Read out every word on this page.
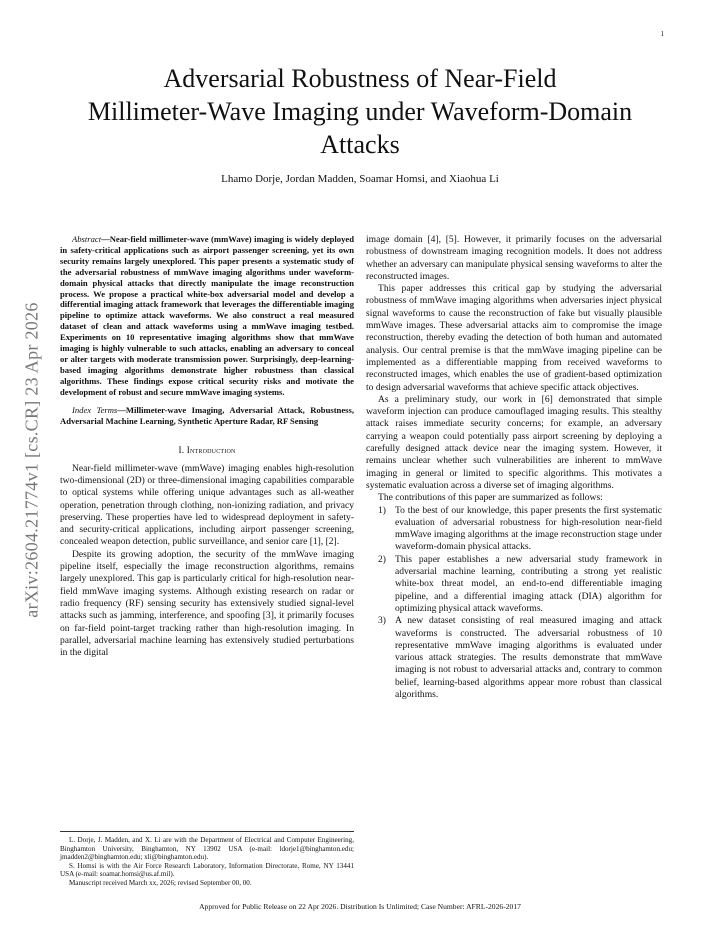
1
arXiv:2604.21774v1 [cs.CR] 23 Apr 2026
Adversarial Robustness of Near-Field
Millimeter-Wave Imaging under Waveform-Domain
Attacks
Lhamo Dorje, Jordan Madden, Soamar Homsi, and Xiaohua Li

Abstract—Near-field millimeter-wave (mmWave) imaging is widely deployed in safety-critical applications such as airport passenger screening, yet its own security remains largely unexplored. This paper presents a systematic study of the adversarial robustness of mmWave imaging algorithms under waveform-domain physical attacks that directly manipulate the image reconstruction process. We propose a practical white-box adversarial model and develop a differential imaging attack framework that leverages the differentiable imaging pipeline to optimize attack waveforms. We also construct a real measured dataset of clean and attack waveforms using a mmWave imaging testbed. Experiments on 10 representative imaging algorithms show that mmWave imaging is highly vulnerable to such attacks, enabling an adversary to conceal or alter targets with moderate transmission power. Surprisingly, deep-learning-based imaging algorithms demonstrate higher robustness than classical algorithms. These findings expose critical security risks and motivate the development of robust and secure mmWave imaging systems.

Index Terms—Millimeter-wave Imaging, Adversarial Attack, Robustness, Adversarial Machine Learning, Synthetic Aperture Radar, RF Sensing

I. Introduction

Near-field millimeter-wave (mmWave) imaging enables high-resolution two-dimensional (2D) or three-dimensional imaging capabilities comparable to optical systems while offering unique advantages such as all-weather operation, penetration through clothing, non-ionizing radiation, and privacy preserving. These properties have led to widespread deployment in safety- and security-critical applications, including airport passenger screening, concealed weapon detection, public surveillance, and senior care [1], [2].

Despite its growing adoption, the security of the mmWave imaging pipeline itself, especially the image reconstruction algorithms, remains largely unexplored. This gap is particularly critical for high-resolution near-field mmWave imaging systems. Although existing research on radar or radio frequency (RF) sensing security has extensively studied signal-level attacks such as jamming, interference, and spoofing [3], it primarily focuses on far-field point-target tracking rather than high-resolution imaging. In parallel, adversarial machine learning has extensively studied perturbations in the digital

image domain [4], [5]. However, it primarily focuses on the adversarial robustness of downstream imaging recognition models. It does not address whether an adversary can manipulate physical sensing waveforms to alter the reconstructed images.

This paper addresses this critical gap by studying the adversarial robustness of mmWave imaging algorithms when adversaries inject physical signal waveforms to cause the reconstruction of fake but visually plausible mmWave images. These adversarial attacks aim to compromise the image reconstruction, thereby evading the detection of both human and automated analysis. Our central premise is that the mmWave imaging pipeline can be implemented as a differentiable mapping from received waveforms to reconstructed images, which enables the use of gradient-based optimization to design adversarial waveforms that achieve specific attack objectives.

As a preliminary study, our work in [6] demonstrated that simple waveform injection can produce camouflaged imaging results. This stealthy attack raises immediate security concerns; for example, an adversary carrying a weapon could potentially pass airport screening by deploying a carefully designed attack device near the imaging system. However, it remains unclear whether such vulnerabilities are inherent to mmWave imaging in general or limited to specific algorithms. This motivates a systematic evaluation across a diverse set of imaging algorithms.

The contributions of this paper are summarized as follows:

1) To the best of our knowledge, this paper presents the first systematic evaluation of adversarial robustness for high-resolution near-field mmWave imaging algorithms at the image reconstruction stage under waveform-domain physical attacks.
2) This paper establishes a new adversarial study framework in adversarial machine learning, contributing a strong yet realistic white-box threat model, an end-to-end differentiable imaging pipeline, and a differential imaging attack (DIA) algorithm for optimizing physical attack waveforms.
3) A new dataset consisting of real measured imaging and attack waveforms is constructed. The adversarial robustness of 10 representative mmWave imaging algorithms is evaluated under various attack strategies. The results demonstrate that mmWave imaging is not robust to adversarial attacks and, contrary to common belief, learning-based algorithms appear more robust than classical algorithms.

L. Dorje, J. Madden, and X. Li are with the Department of Electrical and Computer Engineering, Binghamton University, Binghamton, NY 13902 USA (e-mail: ldorje1@binghamton.edu; jmadden2@binghamton.edu; xli@binghamton.edu).

S. Homsi is with the Air Force Research Laboratory, Information Directorate, Rome, NY 13441 USA (e-mail: soamar.homsi@us.af.mil).

Manuscript received March xx, 2026; revised September 00, 00.

Approved for Public Release on 22 Apr 2026. Distribution Is Unlimited; Case Number: AFRL-2026-2017
